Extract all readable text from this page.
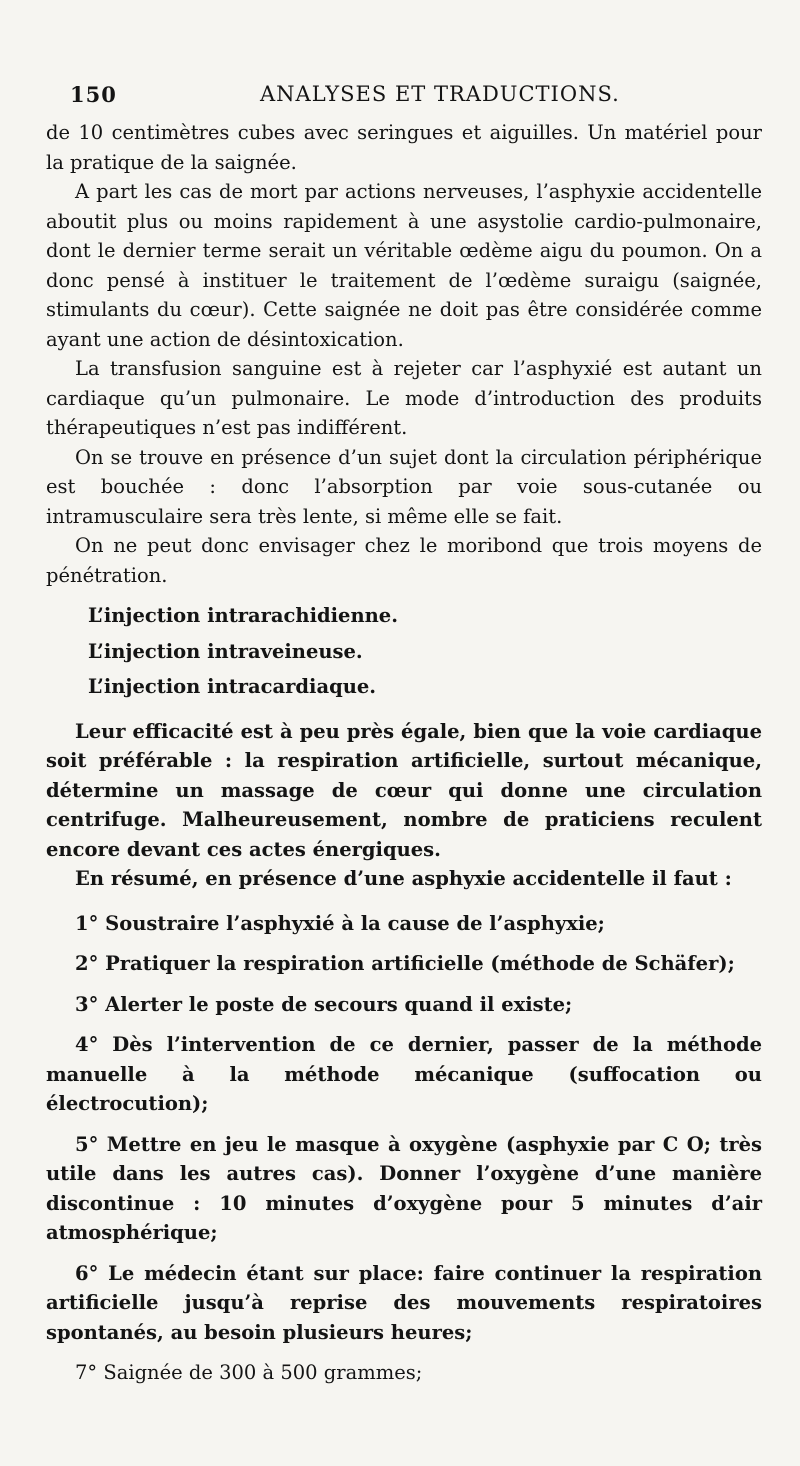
150	ANALYSES ET TRADUCTIONS.

de 10 centimètres cubes avec seringues et aiguilles. Un matériel pour la pratique de la saignée.

A part les cas de mort par actions nerveuses, l’asphyxie accidentelle aboutit plus ou moins rapidement à une asystolie cardio-pulmonaire, dont le dernier terme serait un véritable œdème aigu du poumon. On a donc pensé à instituer le traitement de l’œdème suraigu (saignée, stimulants du cœur). Cette saignée ne doit pas être considérée comme ayant une action de désintoxication.

La transfusion sanguine est à rejeter car l’asphyxié est autant un cardiaque qu’un pulmonaire. Le mode d’introduction des produits thérapeutiques n’est pas indifférent.

On se trouve en présence d’un sujet dont la circulation périphérique est bouchée : donc l’absorption par voie sous-cutanée ou intramusculaire sera très lente, si même elle se fait.

On ne peut donc envisager chez le moribond que trois moyens de pénétration.

L’injection intrarachidienne.

L’injection intraveineuse.

L’injection intracardiaque.

Leur efficacité est à peu près égale, bien que la voie cardiaque soit préférable : la respiration artificielle, surtout mécanique, détermine un massage de cœur qui donne une circulation centrifuge. Malheureusement, nombre de praticiens reculent encore devant ces actes énergiques.

En résumé, en présence d’une asphyxie accidentelle il faut :

1° Soustraire l’asphyxié à la cause de l’asphyxie;

2° Pratiquer la respiration artificielle (méthode de Schäfer);

3° Alerter le poste de secours quand il existe;

4° Dès l’intervention de ce dernier, passer de la méthode manuelle à la méthode mécanique (suffocation ou électrocution);

5° Mettre en jeu le masque à oxygène (asphyxie par C O; très utile dans les autres cas). Donner l’oxygène d’une manière discontinue : 10 minutes d’oxygène pour 5 minutes d’air atmosphérique;

6° Le médecin étant sur place: faire continuer la respiration artificielle jusqu’à reprise des mouvements respiratoires spontanés, au besoin plusieurs heures;

7° Saignée de 300 à 500 grammes;
